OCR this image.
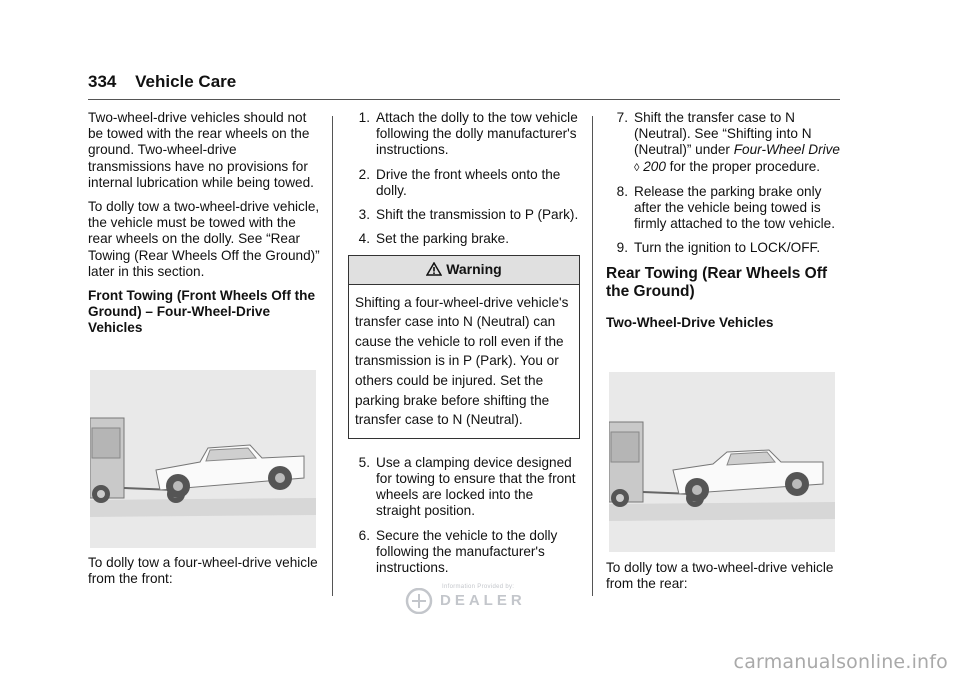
334 Vehicle Care

Two-wheel-drive vehicles should not be towed with the rear wheels on the ground. Two-wheel-drive transmissions have no provisions for internal lubrication while being towed.

To dolly tow a two-wheel-drive vehicle, the vehicle must be towed with the rear wheels on the dolly. See “Rear Towing (Rear Wheels Off the Ground)” later in this section.

Front Towing (Front Wheels Off the Ground) – Four-Wheel-Drive Vehicles

To dolly tow a four-wheel-drive vehicle from the front:

1. Attach the dolly to the tow vehicle following the dolly manufacturer's instructions.
2. Drive the front wheels onto the dolly.
3. Shift the transmission to P (Park).
4. Set the parking brake.
Warning
Shifting a four-wheel-drive vehicle's transfer case into N (Neutral) can cause the vehicle to roll even if the transmission is in P (Park). You or others could be injured. Set the parking brake before shifting the transfer case to N (Neutral).
5. Use a clamping device designed for towing to ensure that the front wheels are locked into the straight position.
6. Secure the vehicle to the dolly following the manufacturer's instructions.
7. Shift the transfer case to N (Neutral). See “Shifting into N (Neutral)” under Four-Wheel Drive ◊ 200 for the proper procedure.
8. Release the parking brake only after the vehicle being towed is firmly attached to the tow vehicle.
9. Turn the ignition to LOCK/OFF.
Rear Towing (Rear Wheels Off the Ground)

Two-Wheel-Drive Vehicles

To dolly tow a two-wheel-drive vehicle from the rear:

Information Provided by:
DEALER
carmanualsonline.info
